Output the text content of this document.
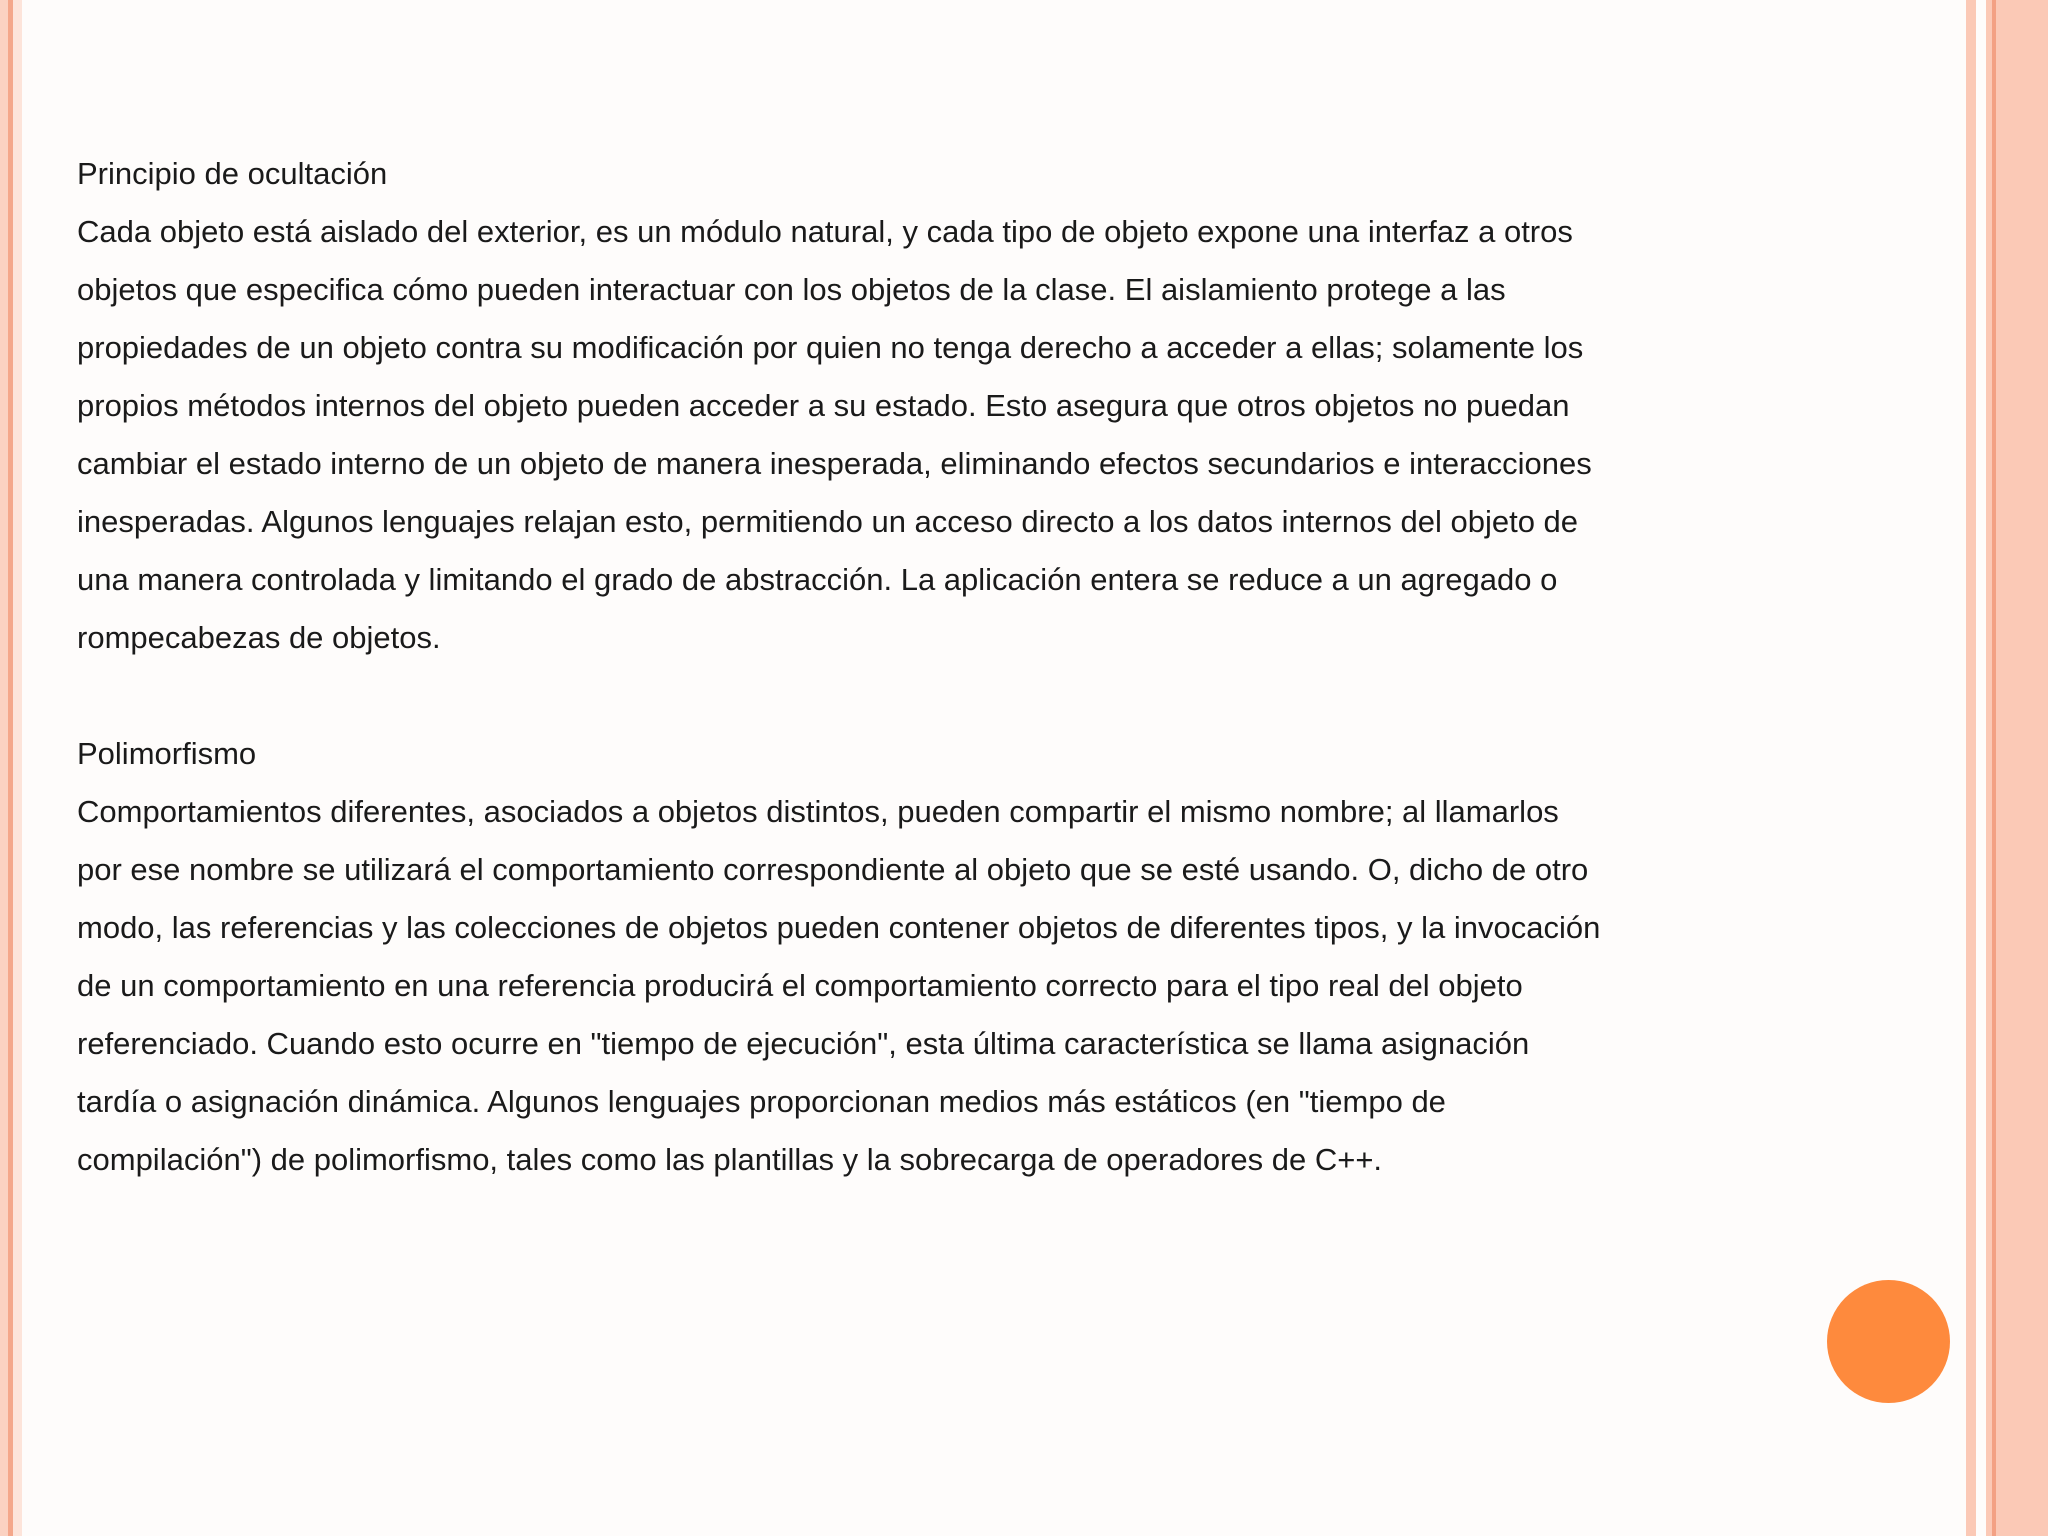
Principio de ocultación
Cada objeto está aislado del exterior, es un módulo natural, y cada tipo de objeto expone una interfaz a otros
objetos que especifica cómo pueden interactuar con los objetos de la clase. El aislamiento protege a las
propiedades de un objeto contra su modificación por quien no tenga derecho a acceder a ellas; solamente los
propios métodos internos del objeto pueden acceder a su estado. Esto asegura que otros objetos no puedan
cambiar el estado interno de un objeto de manera inesperada, eliminando efectos secundarios e interacciones
inesperadas. Algunos lenguajes relajan esto, permitiendo un acceso directo a los datos internos del objeto de
una manera controlada y limitando el grado de abstracción. La aplicación entera se reduce a un agregado o
rompecabezas de objetos.
Polimorfismo
Comportamientos diferentes, asociados a objetos distintos, pueden compartir el mismo nombre; al llamarlos
por ese nombre se utilizará el comportamiento correspondiente al objeto que se esté usando. O, dicho de otro
modo, las referencias y las colecciones de objetos pueden contener objetos de diferentes tipos, y la invocación
de un comportamiento en una referencia producirá el comportamiento correcto para el tipo real del objeto
referenciado. Cuando esto ocurre en "tiempo de ejecución", esta última característica se llama asignación
tardía o asignación dinámica. Algunos lenguajes proporcionan medios más estáticos (en "tiempo de
compilación") de polimorfismo, tales como las plantillas y la sobrecarga de operadores de C++.
